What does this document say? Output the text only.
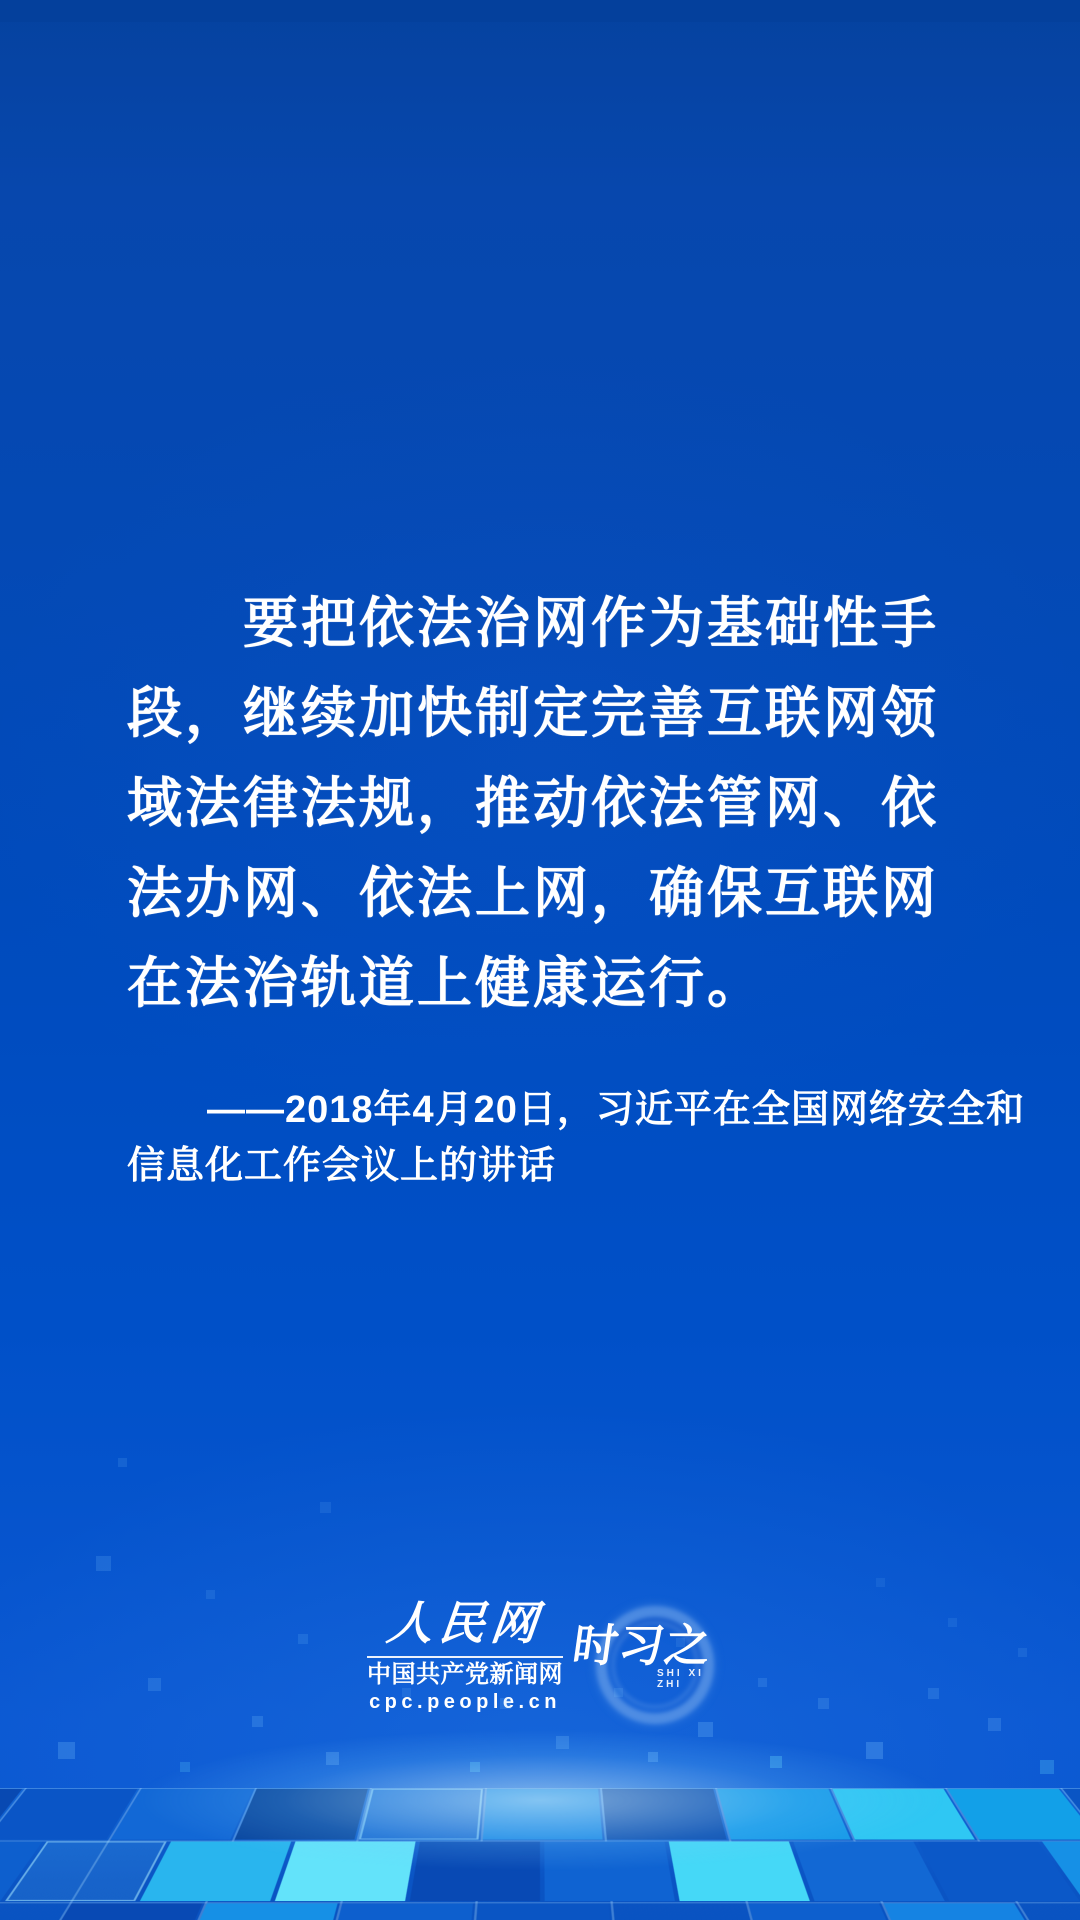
要把依法治网作为基础性手
段，继续加快制定完善互联网领
域法律法规，推动依法管网、依
法办网、依法上网，确保互联网
在法治轨道上健康运行。
——2018年4月20日，习近平在全国网络安全和
信息化工作会议上的讲话
人民网
中国共产党新闻网
cpc.people.cn
时习之
SHI XI ZHI
